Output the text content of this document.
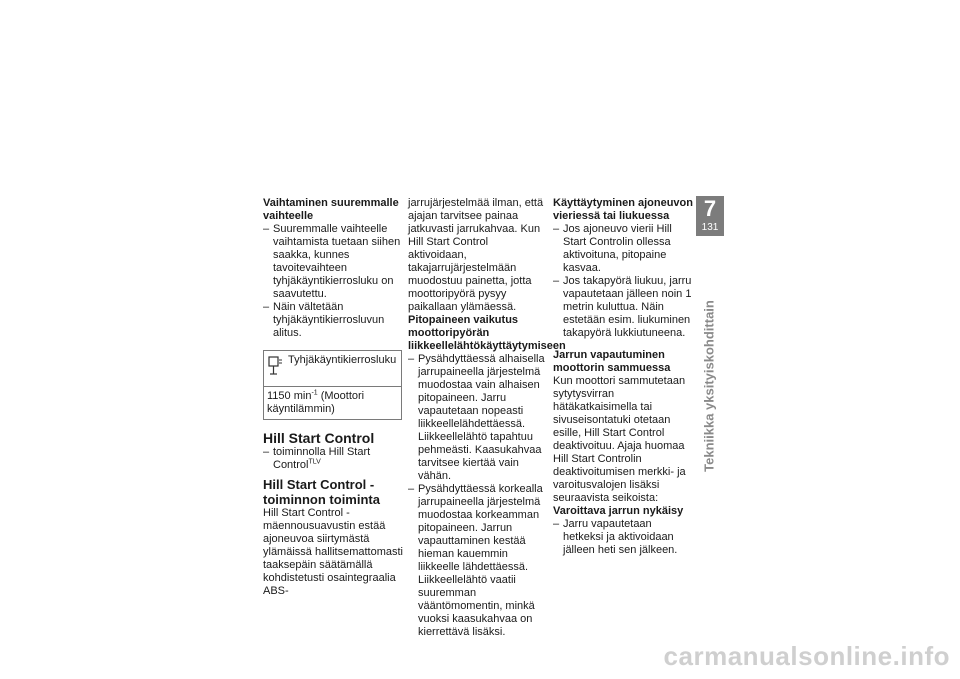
Vaihtaminen suuremmalle vaihteelle

– Suuremmalle vaihteelle vaihtamista tuetaan siihen saakka, kunnes tavoitevaihteen tyhjäkäyntikierrosluku on saavutettu.
– Näin vältetään tyhjäkäyntikierrosluvun alitus.
Tyhjäkäyntikierrosluku
1150 $\min^{-1}$ (Moottori käyntilämmin)

Hill Start Control

– toiminnolla Hill Start Control$^{TLV}$

Hill Start Control -toiminnon toiminta

Hill Start Control -mäennousuavustin estää ajoneuvoa siirtymästä ylämäissä hallitsemattomasti taaksepäin säätämällä kohdistetusti osaintegraalia ABS-

jarrujärjestelmää ilman, että ajajan tarvitsee painaa jatkuvasti jarrukahvaa. Kun Hill Start Control aktivoidaan, takajarrujärjestelmään muodostuu painetta, jotta moottoripyörä pysyy paikallaan ylämäessä.

Pitopaineen vaikutus moottoripyörän liikkeellelähtökäyttäytymiseen

– Pysähdyttäessä alhaisella jarrupaineella järjestelmä muodostaa vain alhaisen pitopaineen. Jarru vapautetaan nopeasti liikkeellelähdettäessä. Liikkeellelähtö tapahtuu pehmeästi. Kaasukahvaa tarvitsee kiertää vain vähän.
– Pysähdyttäessä korkealla jarrupaineella järjestelmä muodostaa korkeamman pitopaineen. Jarrun vapauttaminen kestää hieman kauemmin liikkeelle lähdettäessä. Liikkeellelähtö vaatii suuremman vääntömomentin, minkä vuoksi kaasukahvaa on kierrettävä lisäksi.

Käyttäytyminen ajoneuvon vieriessä tai liukuessa

– Jos ajoneuvo vierii Hill Start Controlin ollessa aktivoituna, pitopaine kasvaa.
– Jos takapyörä liukuu, jarru vapautetaan jälleen noin 1 metrin kuluttua. Näin estetään esim. liukuminen takapyörä lukkiutuneena.

Jarrun vapautuminen moottorin sammuessa

Kun moottori sammutetaan sytytysvirran hätäkatkaisimella tai sivuseisontatuki otetaan esille, Hill Start Control deaktivoituu. Ajaja huomaa Hill Start Controlin deaktivoitumisen merkki- ja varoitusvalojen lisäksi seuraavista seikoista:

Varoittava jarrun nykäisy

– Jarru vapautetaan hetkeksi ja aktivoidaan jälleen heti sen jälkeen.
7
131
Tekniikka yksityiskohdittain
carmanualsonline.info
